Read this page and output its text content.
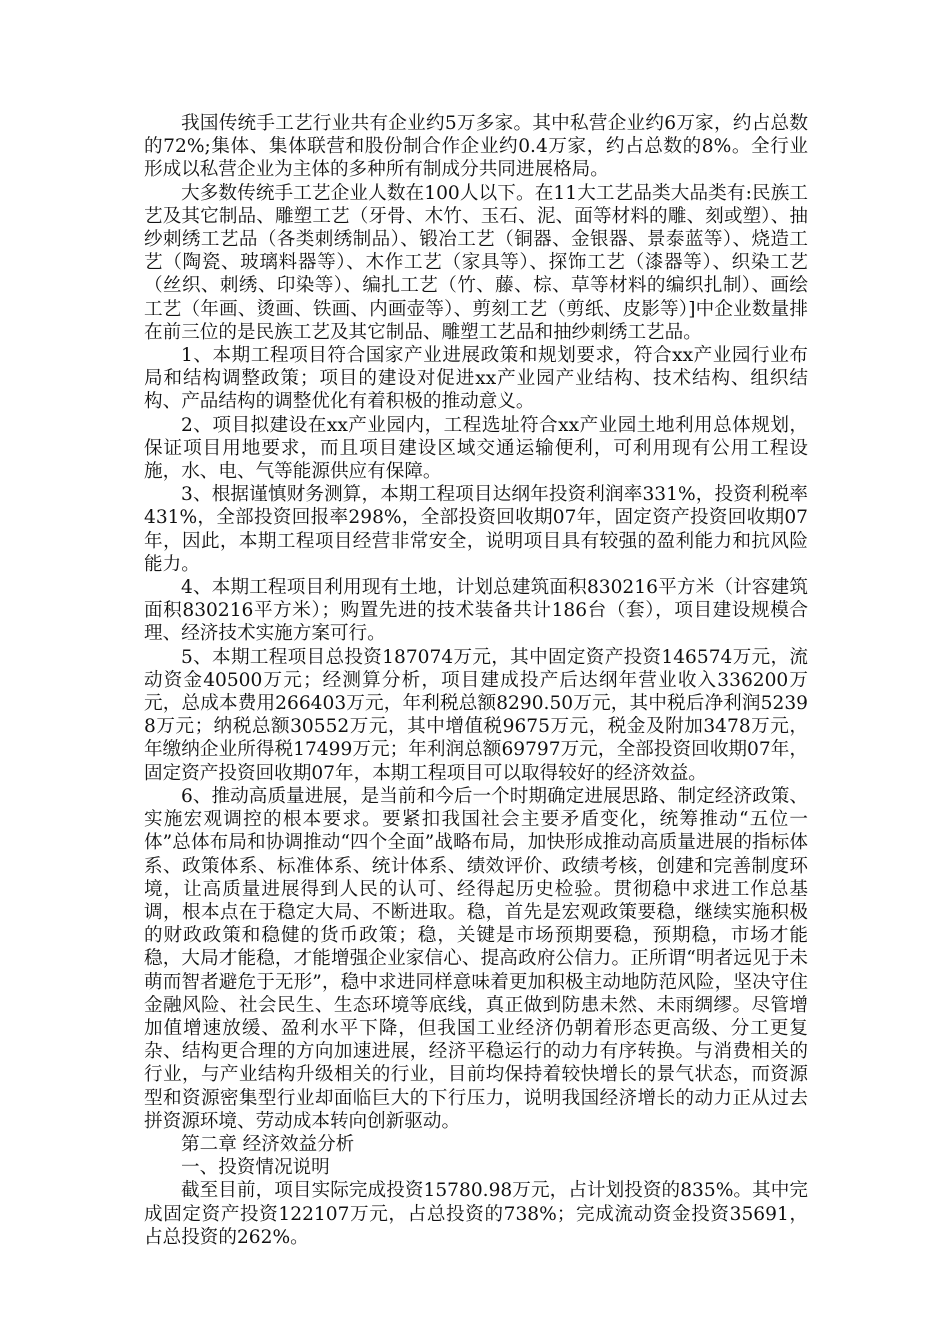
我国传统手工艺行业共有企业约5万多家。其中私营企业约6万家，约占总数的72%;集体、集体联营和股份制合作企业约0.4万家，约占总数的8%。全行业形成以私营企业为主体的多种所有制成分共同进展格局。

大多数传统手工艺企业人数在100人以下。在11大工艺品类大品类有:民族工艺及其它制品、雕塑工艺（牙骨、木竹、玉石、泥、面等材料的雕、刻或塑）、抽纱刺绣工艺品（各类刺绣制品）、锻冶工艺（铜器、金银器、景泰蓝等）、烧造工艺（陶瓷、玻璃料器等）、木作工艺（家具等）、探饰工艺（漆器等）、织染工艺（丝织、刺绣、印染等）、编扎工艺（竹、藤、棕、草等材料的编织扎制）、画绘工艺（年画、烫画、铁画、内画壶等）、剪刻工艺（剪纸、皮影等）]中企业数量排在前三位的是民族工艺及其它制品、雕塑工艺品和抽纱刺绣工艺品。

1、本期工程项目符合国家产业进展政策和规划要求，符合xx产业园行业布局和结构调整政策；项目的建设对促进xx产业园产业结构、技术结构、组织结构、产品结构的调整优化有着积极的推动意义。

2、项目拟建设在xx产业园内，工程选址符合xx产业园土地利用总体规划，保证项目用地要求，而且项目建设区域交通运输便利，可利用现有公用工程设施，水、电、气等能源供应有保障。

3、根据谨慎财务测算，本期工程项目达纲年投资利润率331%，投资利税率431%，全部投资回报率298%，全部投资回收期07年，固定资产投资回收期07年，因此，本期工程项目经营非常安全，说明项目具有较强的盈利能力和抗风险能力。

4、本期工程项目利用现有土地，计划总建筑面积830216平方米（计容建筑面积830216平方米）；购置先进的技术装备共计186台（套），项目建设规模合理、经济技术实施方案可行。

5、本期工程项目总投资187074万元，其中固定资产投资146574万元，流动资金40500万元；经测算分析，项目建成投产后达纲年营业收入336200万元，总成本费用266403万元，年利税总额8290.50万元，其中税后净利润52398万元；纳税总额30552万元，其中增值税9675万元，税金及附加3478万元，年缴纳企业所得税17499万元；年利润总额69797万元，全部投资回收期07年，固定资产投资回收期07年，本期工程项目可以取得较好的经济效益。

6、推动高质量进展，是当前和今后一个时期确定进展思路、制定经济政策、实施宏观调控的根本要求。要紧扣我国社会主要矛盾变化，统筹推动“五位一体”总体布局和协调推动“四个全面”战略布局，加快形成推动高质量进展的指标体系、政策体系、标准体系、统计体系、绩效评价、政绩考核，创建和完善制度环境，让高质量进展得到人民的认可、经得起历史检验。贯彻稳中求进工作总基调，根本点在于稳定大局、不断进取。稳，首先是宏观政策要稳，继续实施积极的财政政策和稳健的货币政策；稳，关键是市场预期要稳，预期稳，市场才能稳，大局才能稳，才能增强企业家信心、提高政府公信力。正所谓“明者远见于未萌而智者避危于无形”，稳中求进同样意味着更加积极主动地防范风险，坚决守住金融风险、社会民生、生态环境等底线，真正做到防患未然、未雨绸缪。尽管增加值增速放缓、盈利水平下降，但我国工业经济仍朝着形态更高级、分工更复杂、结构更合理的方向加速进展，经济平稳运行的动力有序转换。与消费相关的行业，与产业结构升级相关的行业，目前均保持着较快增长的景气状态，而资源型和资源密集型行业却面临巨大的下行压力，说明我国经济增长的动力正从过去拼资源环境、劳动成本转向创新驱动。

第二章 经济效益分析

一、投资情况说明

截至目前，项目实际完成投资15780.98万元，占计划投资的835%。其中完成固定资产投资122107万元，占总投资的738%；完成流动资金投资35691，占总投资的262%。
